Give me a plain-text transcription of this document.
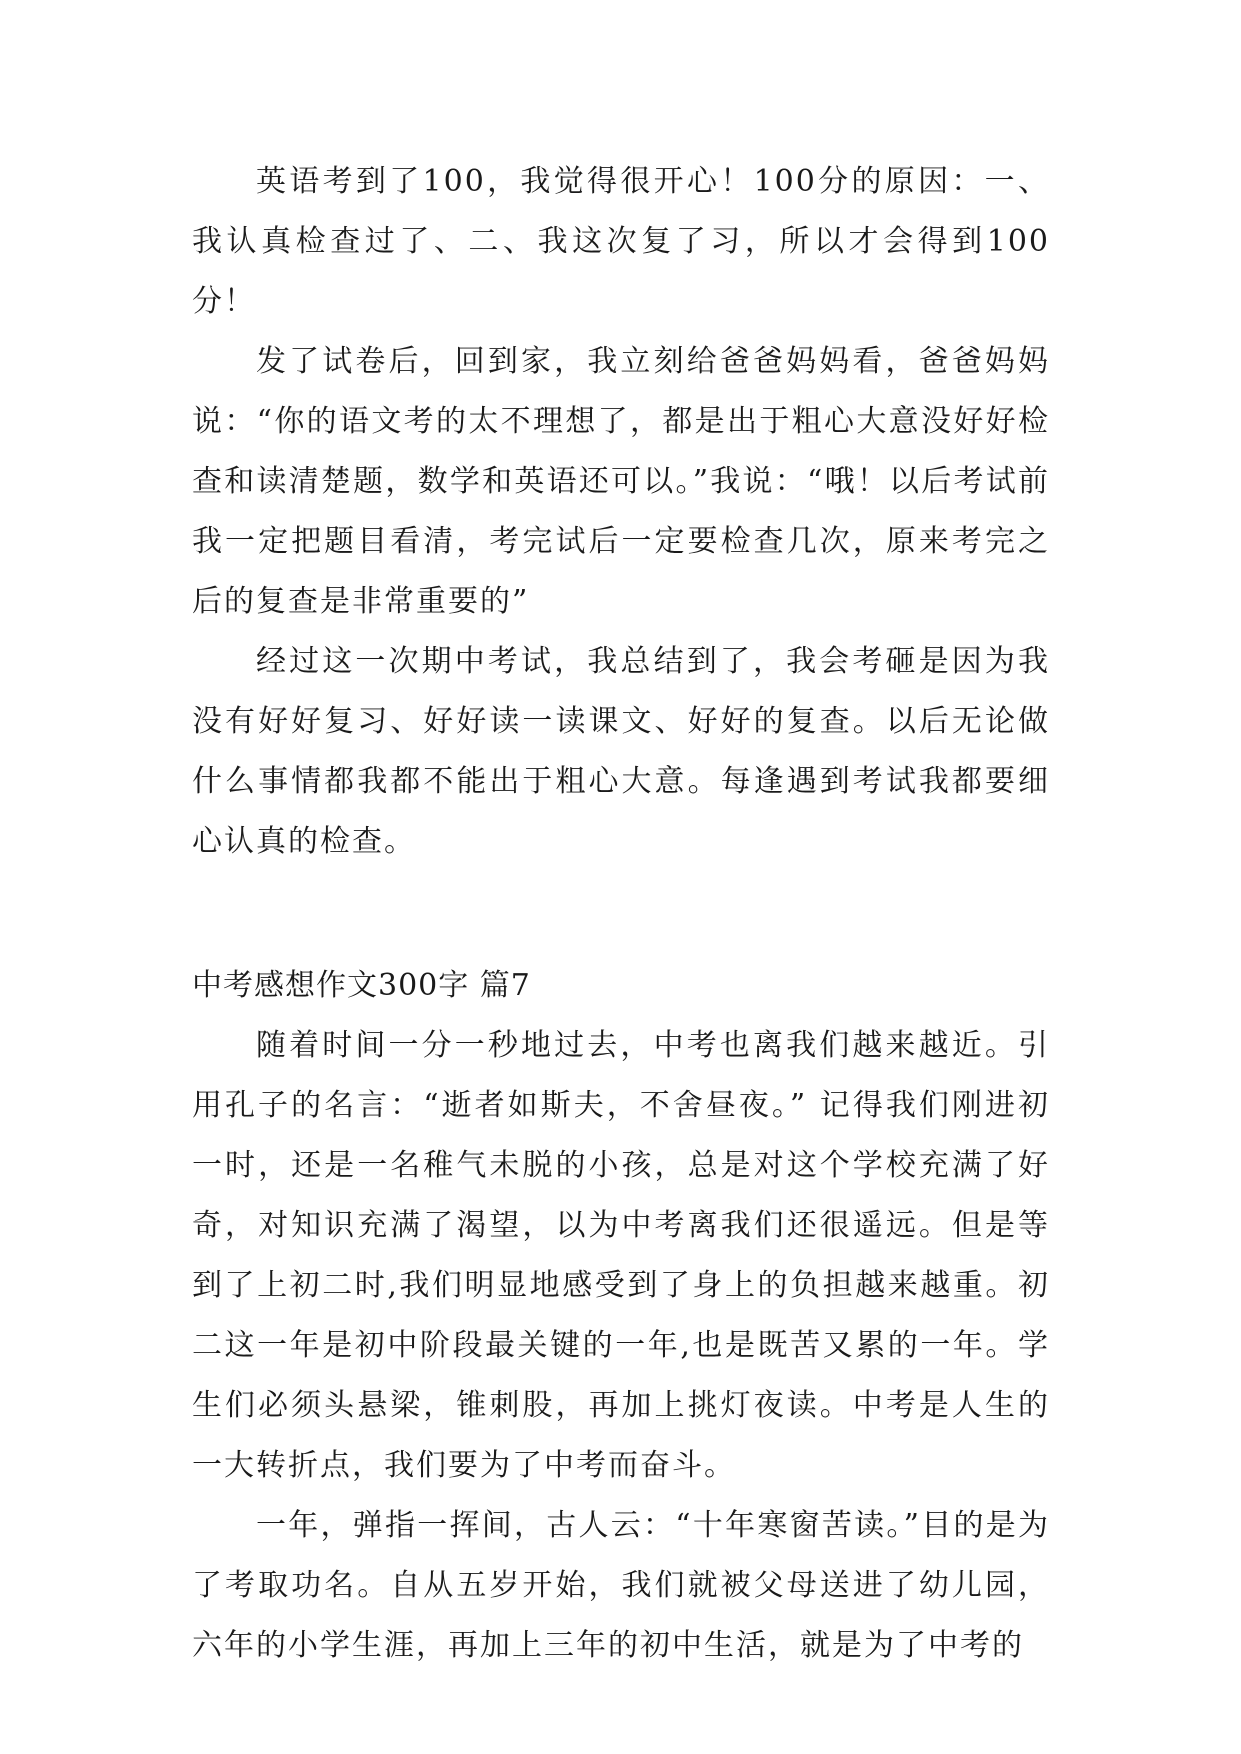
英语考到了100，我觉得很开心！100分的原因：一、我认真检查过了、二、我这次复了习，所以才会得到100分！

发了试卷后，回到家，我立刻给爸爸妈妈看，爸爸妈妈说：“你的语文考的太不理想了，都是出于粗心大意没好好检查和读清楚题，数学和英语还可以。”我说：“哦！以后考试前我一定把题目看清，考完试后一定要检查几次，原来考完之后的复查是非常重要的”

经过这一次期中考试，我总结到了，我会考砸是因为我没有好好复习、好好读一读课文、好好的复查。以后无论做什么事情都我都不能出于粗心大意。每逢遇到考试我都要细心认真的检查。

中考感想作文300字 篇7

随着时间一分一秒地过去，中考也离我们越来越近。引用孔子的名言：“逝者如斯夫，不舍昼夜。” 记得我们刚进初一时，还是一名稚气未脱的小孩，总是对这个学校充满了好奇，对知识充满了渴望，以为中考离我们还很遥远。但是等到了上初二时,我们明显地感受到了身上的负担越来越重。初二这一年是初中阶段最关键的一年,也是既苦又累的一年。学生们必须头悬梁，锥刺股，再加上挑灯夜读。中考是人生的一大转折点，我们要为了中考而奋斗。

一年，弹指一挥间，古人云：“十年寒窗苦读。”目的是为了考取功名。自从五岁开始，我们就被父母送进了幼儿园，六年的小学生涯，再加上三年的初中生活，就是为了中考的
